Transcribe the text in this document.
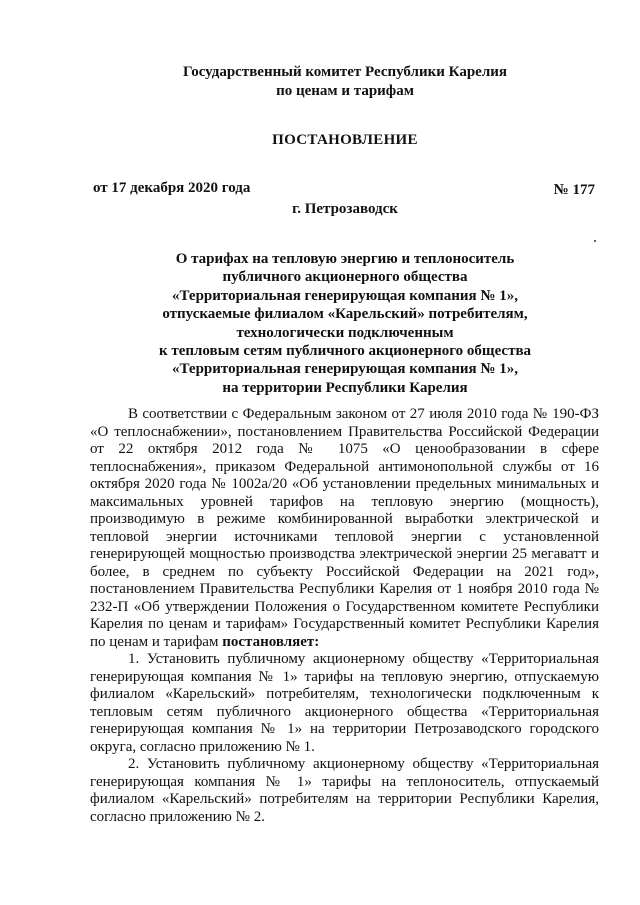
Государственный комитет Республики Карелия
по ценам и тарифам
ПОСТАНОВЛЕНИЕ
от 17 декабря 2020 года	№ 177
г. Петрозаводск
О тарифах на тепловую энергию и теплоноситель
публичного акционерного общества
«Территориальная генерирующая компания № 1»,
отпускаемые филиалом «Карельский» потребителям,
технологически подключенным
к тепловым сетям публичного акционерного общества
«Территориальная генерирующая компания № 1»,
на территории Республики Карелия

В соответствии с Федеральным законом от 27 июля 2010 года № 190-ФЗ «О теплоснабжении», постановлением Правительства Российской Федерации от 22 октября 2012 года № 1075 «О ценообразовании в сфере теплоснабжения», приказом Федеральной антимонопольной службы от 16 октября 2020 года № 1002а/20 «Об установлении предельных минимальных и максимальных уровней тарифов на тепловую энергию (мощность), производимую в режиме комбинированной выработки электрической и тепловой энергии источниками тепловой энергии с установленной генерирующей мощностью производства электрической энергии 25 мегаватт и более, в среднем по субъекту Российской Федерации на 2021 год», постановлением Правительства Республики Карелия от 1 ноября 2010 года № 232-П «Об утверждении Положения о Государственном комитете Республики Карелия по ценам и тарифам» Государственный комитет Республики Карелия по ценам и тарифам постановляет:

1. Установить публичному акционерному обществу «Территориальная генерирующая компания № 1» тарифы на тепловую энергию, отпускаемую филиалом «Карельский» потребителям, технологически подключенным к тепловым сетям публичного акционерного общества «Территориальная генерирующая компания № 1» на территории Петрозаводского городского округа, согласно приложению № 1.

2. Установить публичному акционерному обществу «Территориальная генерирующая компания № 1» тарифы на теплоноситель, отпускаемый филиалом «Карельский» потребителям на территории Республики Карелия, согласно приложению № 2.
